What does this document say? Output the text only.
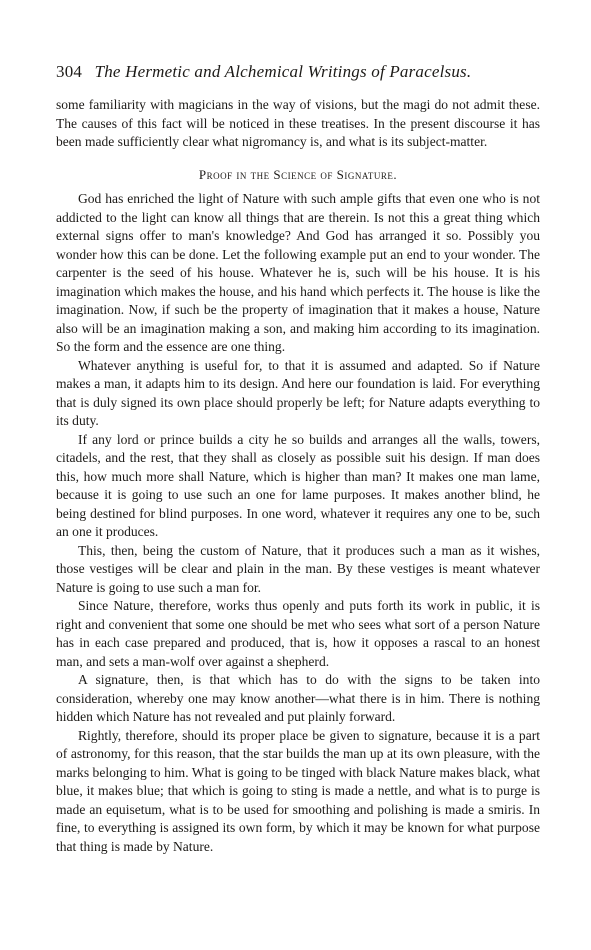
304 The Hermetic and Alchemical Writings of Paracelsus.

some familiarity with magicians in the way of visions, but the magi do not admit these. The causes of this fact will be noticed in these treatises. In the present discourse it has been made sufficiently clear what nigromancy is, and what is its subject-matter.

Proof in the Science of Signature.

God has enriched the light of Nature with such ample gifts that even one who is not addicted to the light can know all things that are therein. Is not this a great thing which external signs offer to man's knowledge? And God has arranged it so. Possibly you wonder how this can be done. Let the following example put an end to your wonder. The carpenter is the seed of his house. Whatever he is, such will be his house. It is his imagination which makes the house, and his hand which perfects it. The house is like the imagination. Now, if such be the property of imagination that it makes a house, Nature also will be an imagination making a son, and making him according to its imagination. So the form and the essence are one thing.

Whatever anything is useful for, to that it is assumed and adapted. So if Nature makes a man, it adapts him to its design. And here our foundation is laid. For everything that is duly signed its own place should properly be left; for Nature adapts everything to its duty.

If any lord or prince builds a city he so builds and arranges all the walls, towers, citadels, and the rest, that they shall as closely as possible suit his design. If man does this, how much more shall Nature, which is higher than man? It makes one man lame, because it is going to use such an one for lame purposes. It makes another blind, he being destined for blind purposes. In one word, whatever it requires any one to be, such an one it produces.

This, then, being the custom of Nature, that it produces such a man as it wishes, those vestiges will be clear and plain in the man. By these vestiges is meant whatever Nature is going to use such a man for.

Since Nature, therefore, works thus openly and puts forth its work in public, it is right and convenient that some one should be met who sees what sort of a person Nature has in each case prepared and produced, that is, how it opposes a rascal to an honest man, and sets a man-wolf over against a shepherd.

A signature, then, is that which has to do with the signs to be taken into consideration, whereby one may know another—what there is in him. There is nothing hidden which Nature has not revealed and put plainly forward.

Rightly, therefore, should its proper place be given to signature, because it is a part of astronomy, for this reason, that the star builds the man up at its own pleasure, with the marks belonging to him. What is going to be tinged with black Nature makes black, what blue, it makes blue; that which is going to sting is made a nettle, and what is to purge is made an equisetum, what is to be used for smoothing and polishing is made a smiris. In fine, to everything is assigned its own form, by which it may be known for what purpose that thing is made by Nature.
